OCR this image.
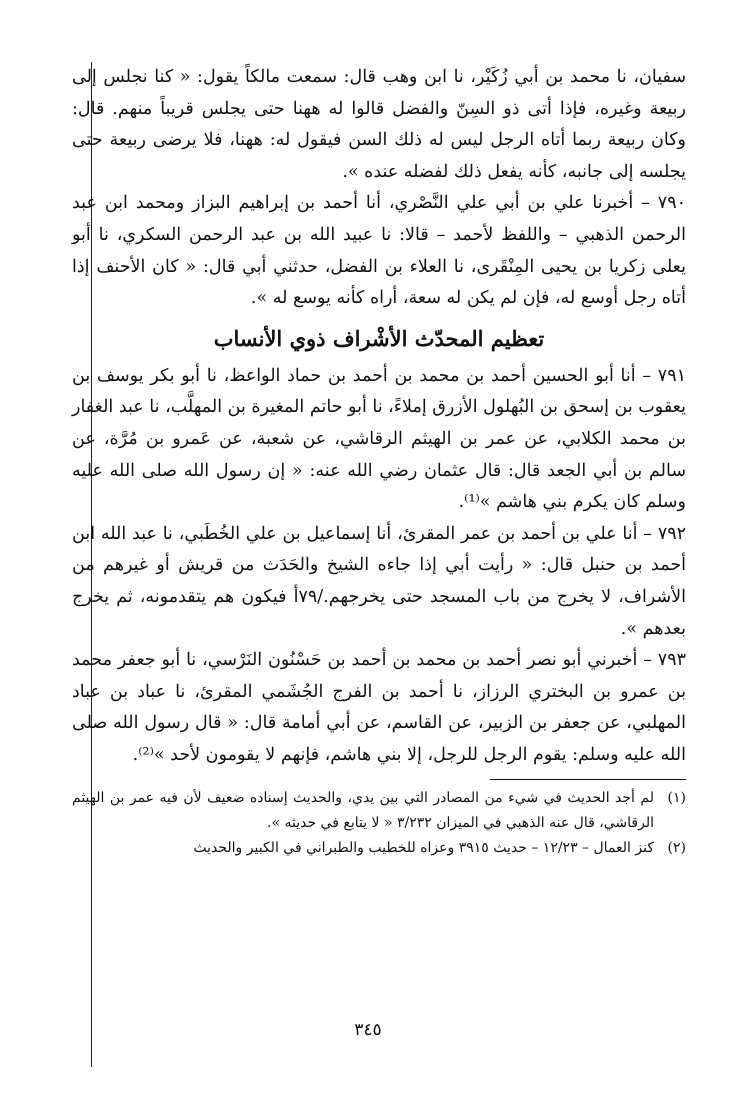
سفيان، نا محمد بن أبي زُكَيْر، نا ابن وهب قال: سمعت مالكاً يقول: « كنا نجلس إلى ربيعة وغيره، فإذا أتى ذو السِنّ والفضل قالوا له ههنا حتى يجلس قريباً منهم. قال: وكان ربيعة ربما أتاه الرجل ليس له ذلك السن فيقول له: ههنا، فلا يرضى ربيعة حتى يجلسه إلى جانبه، كأنه يفعل ذلك لفضله عنده ».

٧٩٠ – أخبرنا علي بن أبي علي النَّصْري، أنا أحمد بن إبراهيم البزاز ومحمد ابن عبد الرحمن الذهبي – واللفظ لأحمد – قالا: نا عبيد الله بن عبد الرحمن السكري، نا أبو يعلى زكريا بن يحيى المِنْقَرى، نا العلاء بن الفضل، حدثني أبي قال: « كان الأحنف إذا أتاه رجل أوسع له، فإن لم يكن له سعة، أراه كأنه يوسع له ».

تعظيم المحدّث الأشْراف ذوي الأنساب

٧٩١ – أنا أبو الحسين أحمد بن محمد بن أحمد بن حماد الواعظ، نا أبو بكر يوسف بن يعقوب بن إسحق بن البُهلول الأزرق إملاءً، نا أبو حاتم المغيرة بن المهلَّب، نا عبد الغفار بن محمد الكلابي، عن عمر بن الهيثم الرقاشي، عن شعبة، عن عَمرو بن مُرَّة، عن سالم بن أبي الجعد قال: قال عثمان رضي الله عنه: « إن رسول الله صلى الله عليه وسلم كان يكرم بني هاشم »⁽¹⁾.

٧٩٢ – أنا علي بن أحمد بن عمر المقرئ، أنا إسماعيل بن علي الخُطَبي، نا عبد الله ابن أحمد بن حنبل قال: « رأيت أبي إذا جاءه الشيخ والحَدَث من قريش أو غيرهم من الأشراف، لا يخرج من باب المسجد حتى يخرجهم./٧٩أ فيكون هم يتقدمونه، ثم يخرج بعدهم ».

٧٩٣ – أخبرني أبو نصر أحمد بن محمد بن أحمد بن حَسْنُون النَرْسي، نا أبو جعفر محمد بن عمرو بن البختري الرزاز، نا أحمد بن الفرج الجُشَمي المقرئ، نا عباد بن عباد المهلبي، عن جعفر بن الزبير، عن القاسم، عن أبي أمامة قال: « قال رسول الله صلى الله عليه وسلم: يقوم الرجل للرجل، إلا بني هاشم، فإنهم لا يقومون لأحد »⁽²⁾.

(١)
لم أجد الحديث في شيء من المصادر التي بين يدي، والحديث إسناده ضعيف لأن فيه عمر بن الهيثم الرقاشي، قال عنه الذهبي في الميزان ٣/٢٣٢ « لا يتابع في حديثه ».
(٢)
كنز العمال – ١٢/٢٣ – حديث ٣٩١٥ وعزاه للخطيب والطبراني في الكبير والحديث
٣٤٥
